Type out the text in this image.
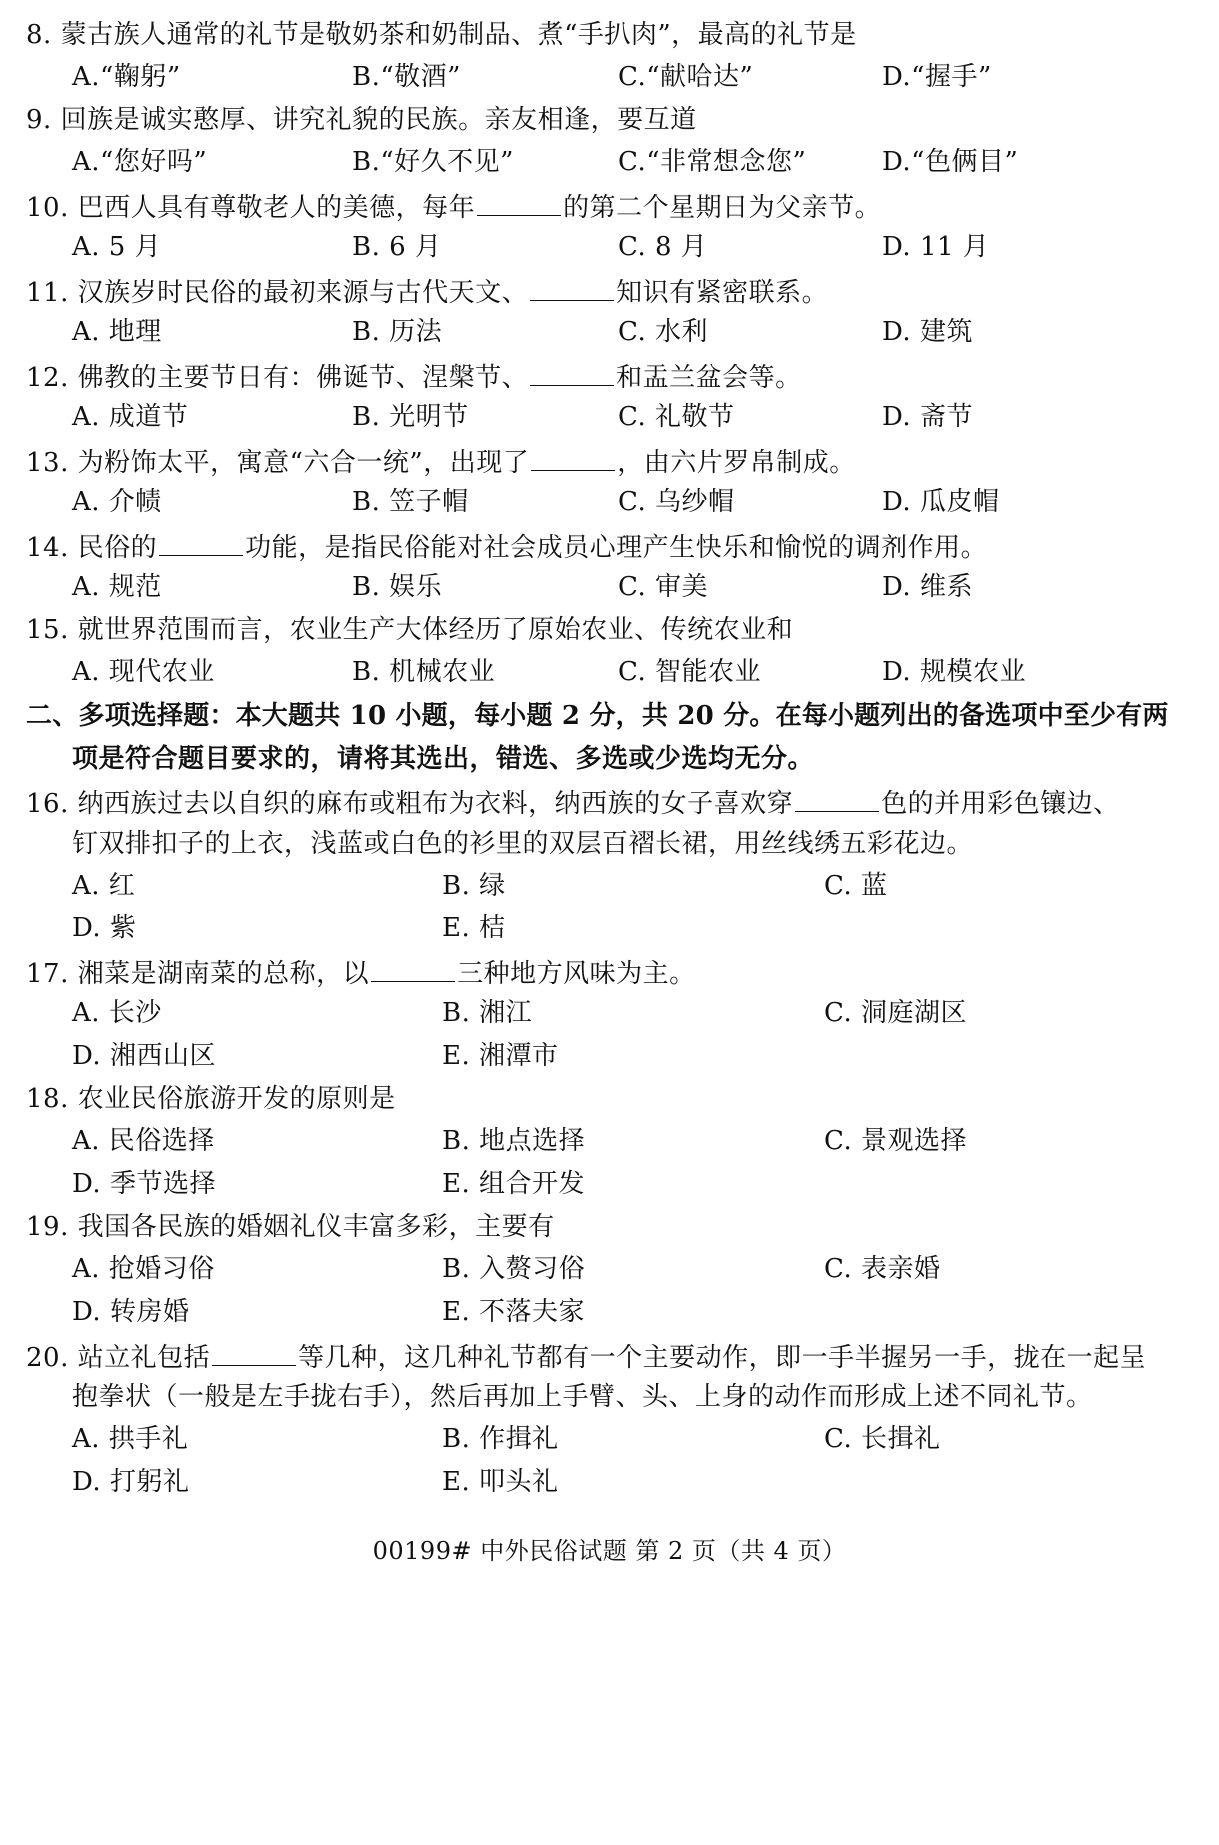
8. 蒙古族人通常的礼节是敬奶茶和奶制品、煮“手扒肉”，最高的礼节是
A.“鞠躬”	B.“敬酒”	C.“献哈达”	D.“握手”
9. 回族是诚实憨厚、讲究礼貌的民族。亲友相逢，要互道
A.“您好吗”	B.“好久不见”	C.“非常想念您”	D.“色俩目”
10. 巴西人具有尊敬老人的美德，每年	的第二个星期日为父亲节。
A. 5 月	B. 6 月	C. 8 月	D. 11 月
11. 汉族岁时民俗的最初来源与古代天文、	知识有紧密联系。
A. 地理	B. 历法	C. 水利	D. 建筑
12. 佛教的主要节日有：佛诞节、涅槃节、	和盂兰盆会等。
A. 成道节	B. 光明节	C. 礼敬节	D. 斋节
13. 为粉饰太平，寓意“六合一统”，出现了	，由六片罗帛制成。
A. 介帻	B. 笠子帽	C. 乌纱帽	D. 瓜皮帽
14. 民俗的	功能，是指民俗能对社会成员心理产生快乐和愉悦的调剂作用。
A. 规范	B. 娱乐	C. 审美	D. 维系
15. 就世界范围而言，农业生产大体经历了原始农业、传统农业和
A. 现代农业	B. 机械农业	C. 智能农业	D. 规模农业
二、多项选择题：本大题共 10 小题，每小题 2 分，共 20 分。在每小题列出的备选项中至少有两
项是符合题目要求的，请将其选出，错选、多选或少选均无分。
16. 纳西族过去以自织的麻布或粗布为衣料，纳西族的女子喜欢穿	色的并用彩色镶边、
钉双排扣子的上衣，浅蓝或白色的衫里的双层百褶长裙，用丝线绣五彩花边。
A. 红	B. 绿	C. 蓝
D. 紫	E. 桔
17. 湘菜是湖南菜的总称，以	三种地方风味为主。
A. 长沙	B. 湘江	C. 洞庭湖区
D. 湘西山区	E. 湘潭市
18. 农业民俗旅游开发的原则是
A. 民俗选择	B. 地点选择	C. 景观选择
D. 季节选择	E. 组合开发
19. 我国各民族的婚姻礼仪丰富多彩，主要有
A. 抢婚习俗	B. 入赘习俗	C. 表亲婚
D. 转房婚	E. 不落夫家
20. 站立礼包括	等几种，这几种礼节都有一个主要动作，即一手半握另一手，拢在一起呈
抱拳状（一般是左手拢右手），然后再加上手臂、头、上身的动作而形成上述不同礼节。
A. 拱手礼	B. 作揖礼	C. 长揖礼
D. 打躬礼	E. 叩头礼
00199# 中外民俗试题 第 2 页（共 4 页）
